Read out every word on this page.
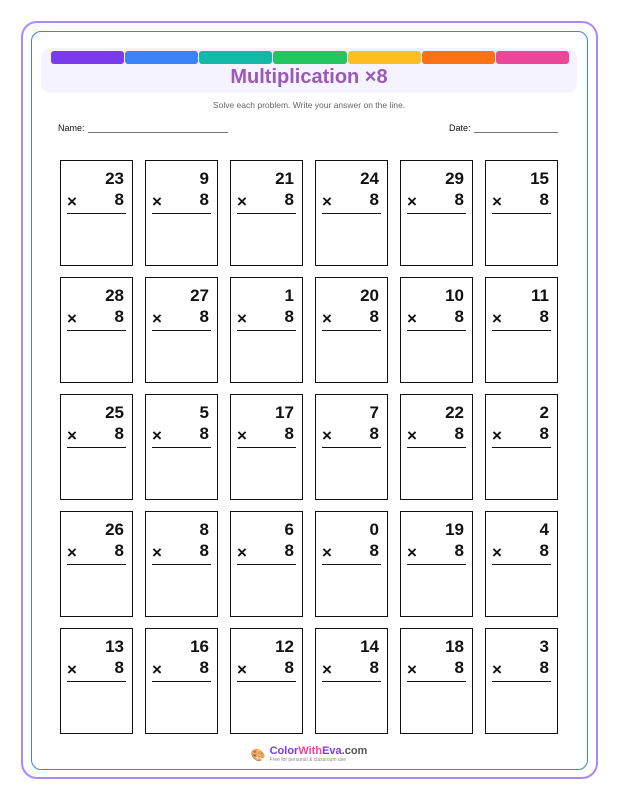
Multiplication ×8
Solve each problem. Write your answer on the line.
Name:	Date:
23
× 8
9
× 8
21
× 8
24
× 8
29
× 8
15
× 8
28
× 8
27
× 8
1
× 8
20
× 8
10
× 8
11
× 8
25
× 8
5
× 8
17
× 8
7
× 8
22
× 8
2
× 8
26
× 8
8
× 8
6
× 8
0
× 8
19
× 8
4
× 8
13
× 8
16
× 8
12
× 8
14
× 8
18
× 8
3
× 8
🎨 ColorWithEva.com
Free for personal & classroom use
